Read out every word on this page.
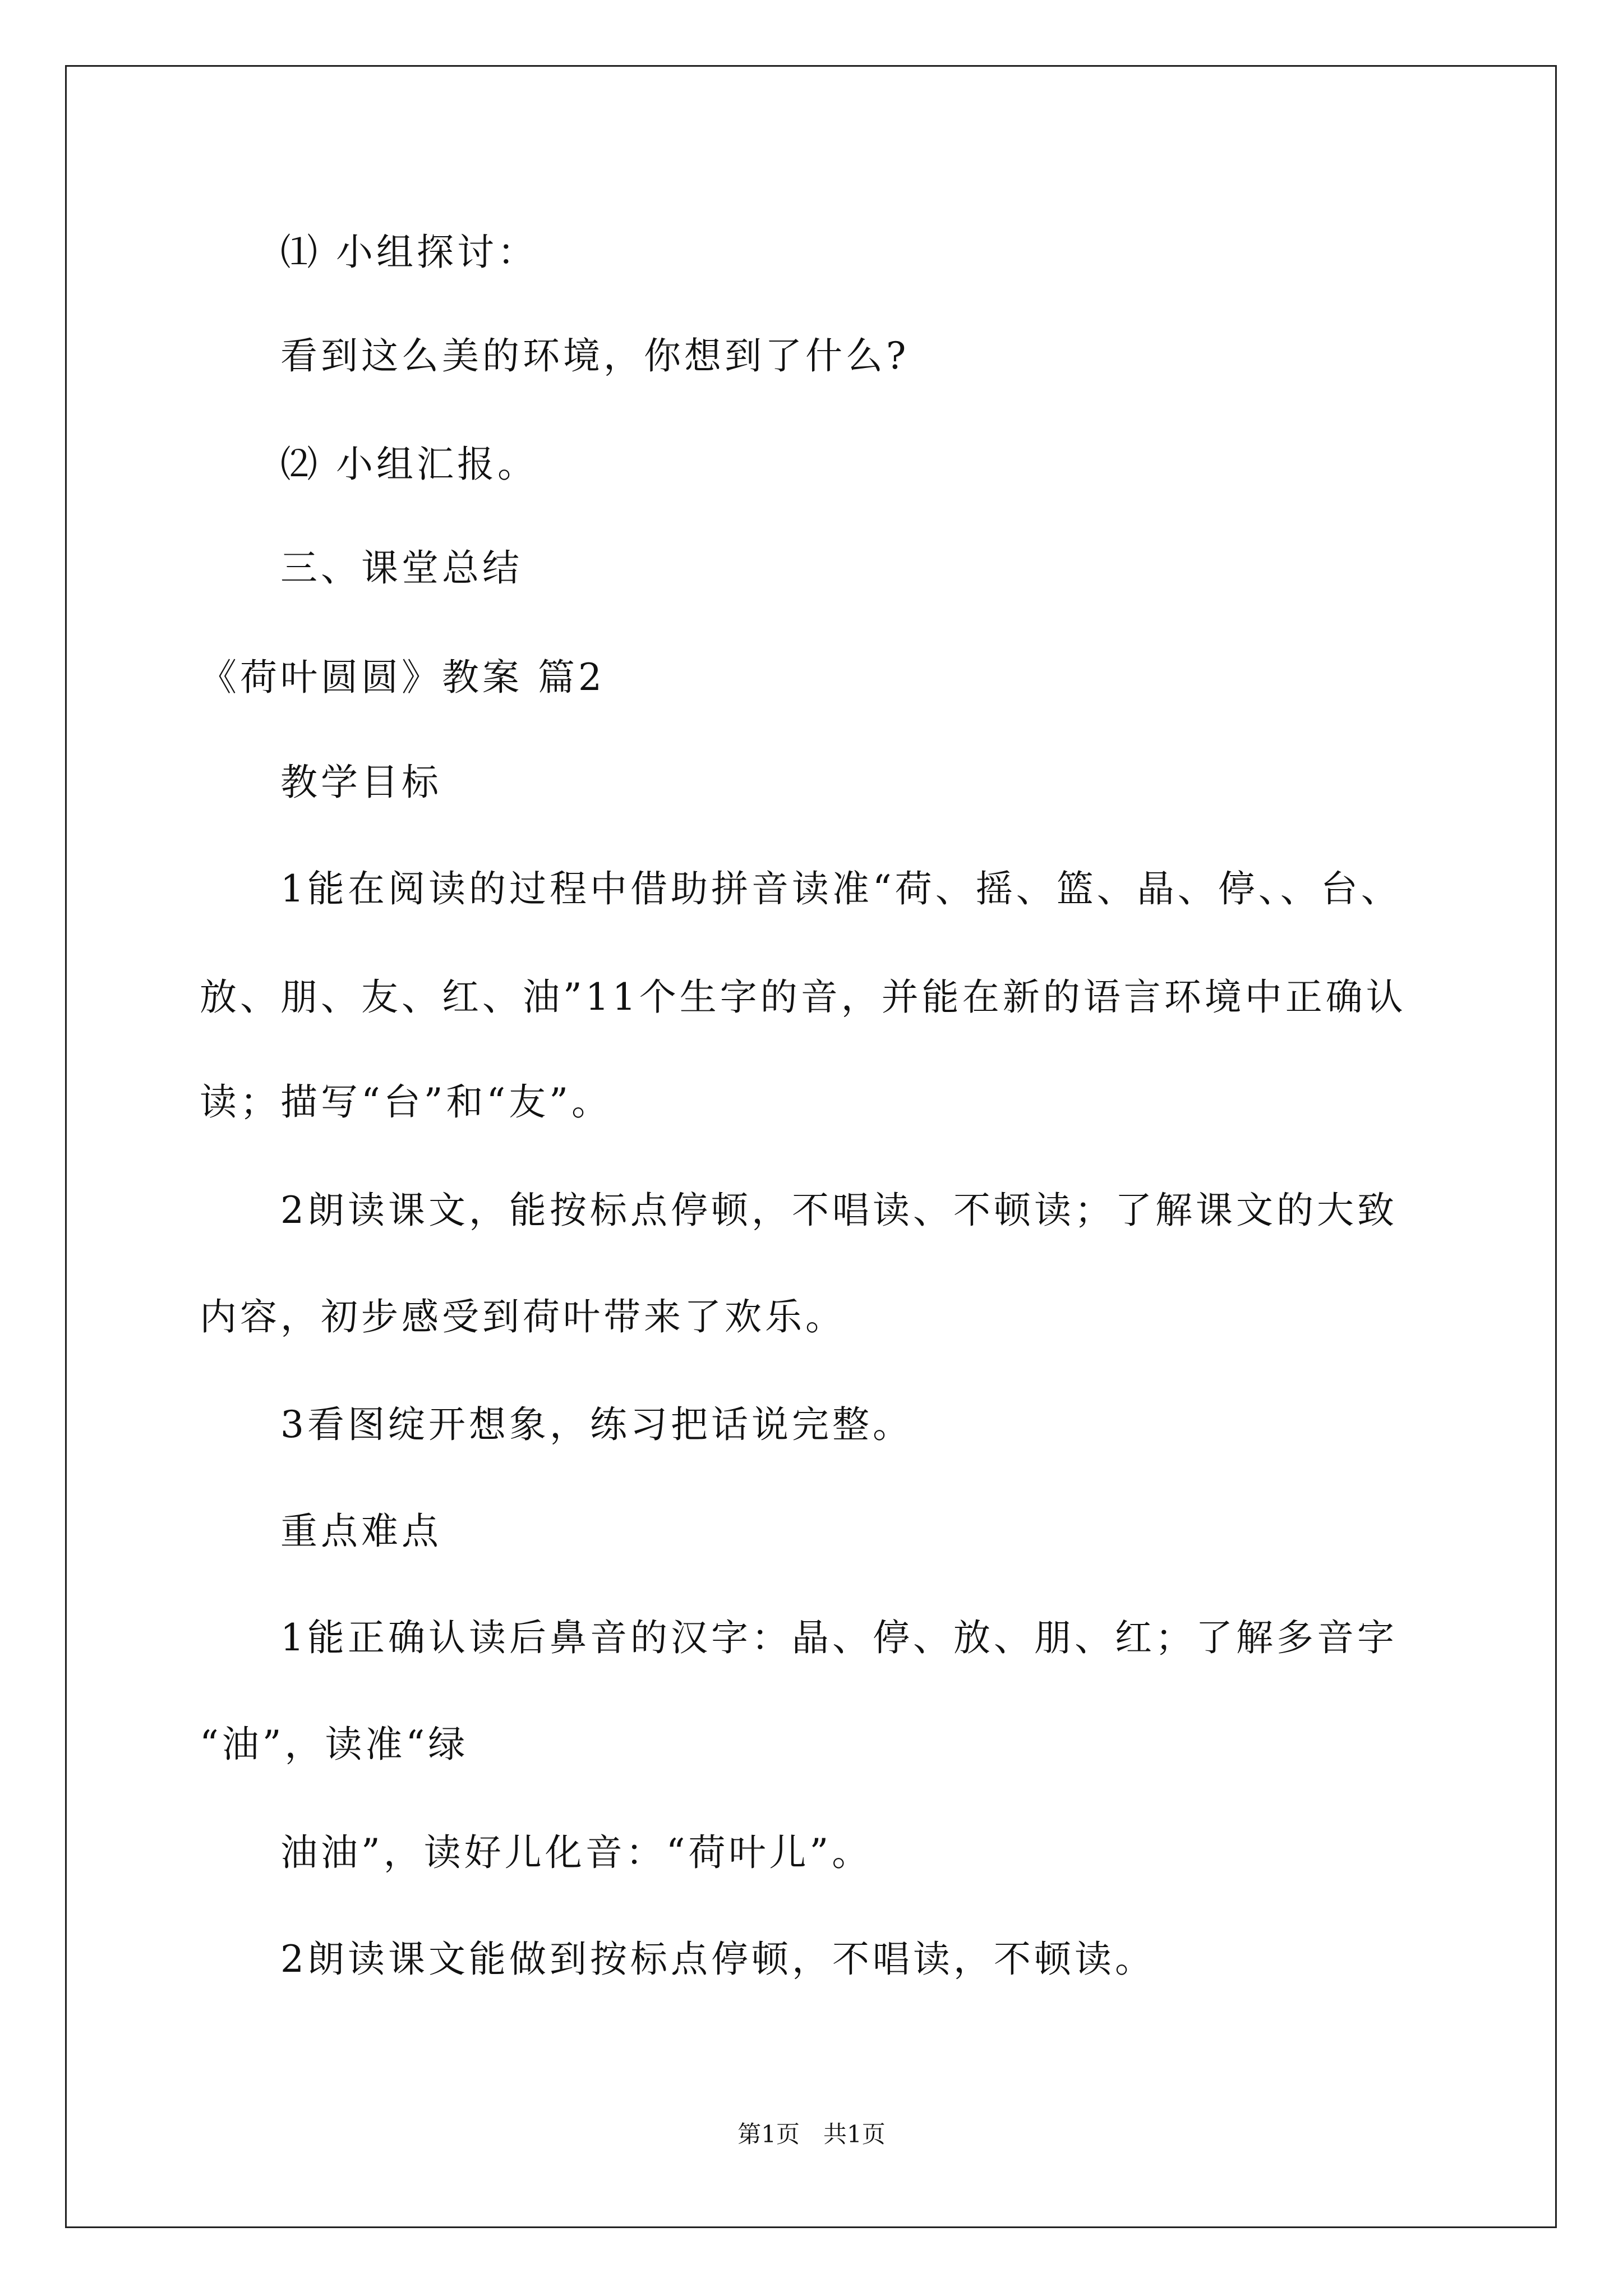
⑴ 小组探讨：
看到这么美的环境，你想到了什么?
⑵ 小组汇报。
三、课堂总结
《荷叶圆圆》教案 篇2
教学目标
1能在阅读的过程中借助拼音读准“荷、摇、篮、晶、停、、台、
放、朋、友、红、油”11个生字的音，并能在新的语言环境中正确认
读；描写“台”和“友”。
2朗读课文，能按标点停顿，不唱读、不顿读；了解课文的大致
内容，初步感受到荷叶带来了欢乐。
3看图绽开想象，练习把话说完整。
重点难点
1能正确认读后鼻音的汉字：晶、停、放、朋、红；了解多音字
“油”，读准“绿
油油”，读好儿化音：“荷叶儿”。
2朗读课文能做到按标点停顿，不唱读，不顿读。
第1页　共1页
